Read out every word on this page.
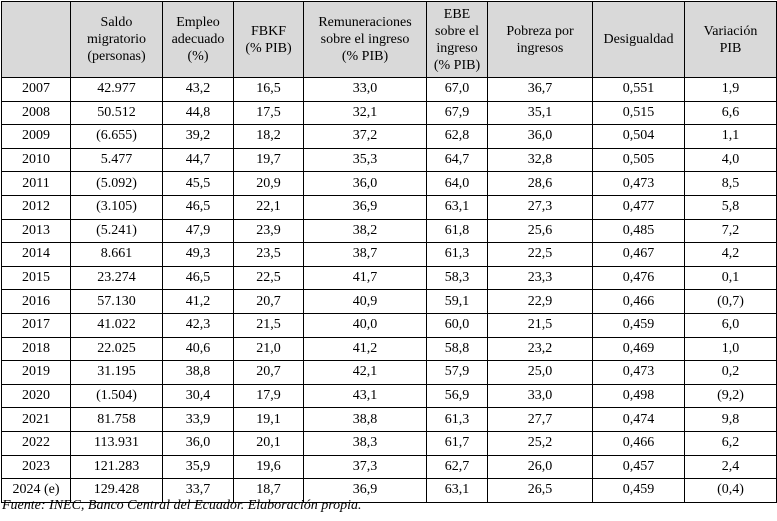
	Saldo
migratorio
(personas)	Empleo
adecuado
(%)	FBKF
(% PIB)	Remuneraciones
sobre el ingreso
(% PIB)	EBE
sobre el
ingreso
(% PIB)	Pobreza por
ingresos	Desigualdad	Variación
PIB

2007	42.977	43,2	16,5	33,0	67,0	36,7	0,551	1,9
2008	50.512	44,8	17,5	32,1	67,9	35,1	0,515	6,6
2009	(6.655)	39,2	18,2	37,2	62,8	36,0	0,504	1,1
2010	5.477	44,7	19,7	35,3	64,7	32,8	0,505	4,0
2011	(5.092)	45,5	20,9	36,0	64,0	28,6	0,473	8,5
2012	(3.105)	46,5	22,1	36,9	63,1	27,3	0,477	5,8
2013	(5.241)	47,9	23,9	38,2	61,8	25,6	0,485	7,2
2014	8.661	49,3	23,5	38,7	61,3	22,5	0,467	4,2
2015	23.274	46,5	22,5	41,7	58,3	23,3	0,476	0,1
2016	57.130	41,2	20,7	40,9	59,1	22,9	0,466	(0,7)
2017	41.022	42,3	21,5	40,0	60,0	21,5	0,459	6,0
2018	22.025	40,6	21,0	41,2	58,8	23,2	0,469	1,0
2019	31.195	38,8	20,7	42,1	57,9	25,0	0,473	0,2
2020	(1.504)	30,4	17,9	43,1	56,9	33,0	0,498	(9,2)
2021	81.758	33,9	19,1	38,8	61,3	27,7	0,474	9,8
2022	113.931	36,0	20,1	38,3	61,7	25,2	0,466	6,2
2023	121.283	35,9	19,6	37,3	62,7	26,0	0,457	2,4
2024 (e)	129.428	33,7	18,7	36,9	63,1	26,5	0,459	(0,4)
Fuente: INEC, Banco Central del Ecuador. Elaboración propia.
